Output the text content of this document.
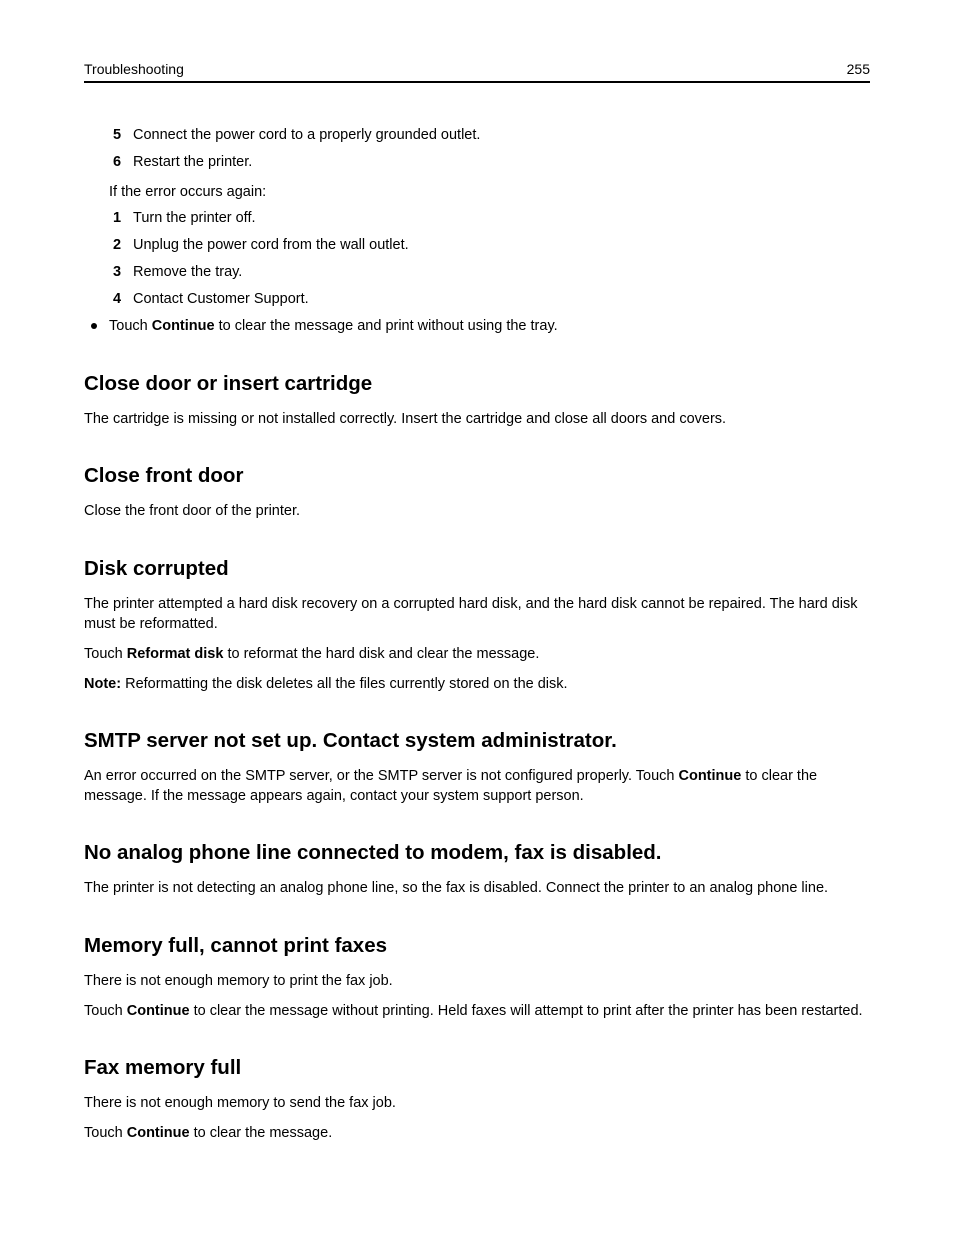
Troubleshooting	255
5 Connect the power cord to a properly grounded outlet.
6 Restart the printer.
If the error occurs again:
1 Turn the printer off.
2 Unplug the power cord from the wall outlet.
3 Remove the tray.
4 Contact Customer Support.
Touch Continue to clear the message and print without using the tray.
Close door or insert cartridge

The cartridge is missing or not installed correctly. Insert the cartridge and close all doors and covers.

Close front door

Close the front door of the printer.

Disk corrupted

The printer attempted a hard disk recovery on a corrupted hard disk, and the hard disk cannot be repaired. The hard disk must be reformatted.

Touch Reformat disk to reformat the hard disk and clear the message.

Note: Reformatting the disk deletes all the files currently stored on the disk.

SMTP server not set up. Contact system administrator.

An error occurred on the SMTP server, or the SMTP server is not configured properly. Touch Continue to clear the message. If the message appears again, contact your system support person.

No analog phone line connected to modem, fax is disabled.

The printer is not detecting an analog phone line, so the fax is disabled. Connect the printer to an analog phone line.

Memory full, cannot print faxes

There is not enough memory to print the fax job.

Touch Continue to clear the message without printing. Held faxes will attempt to print after the printer has been restarted.

Fax memory full

There is not enough memory to send the fax job.

Touch Continue to clear the message.
